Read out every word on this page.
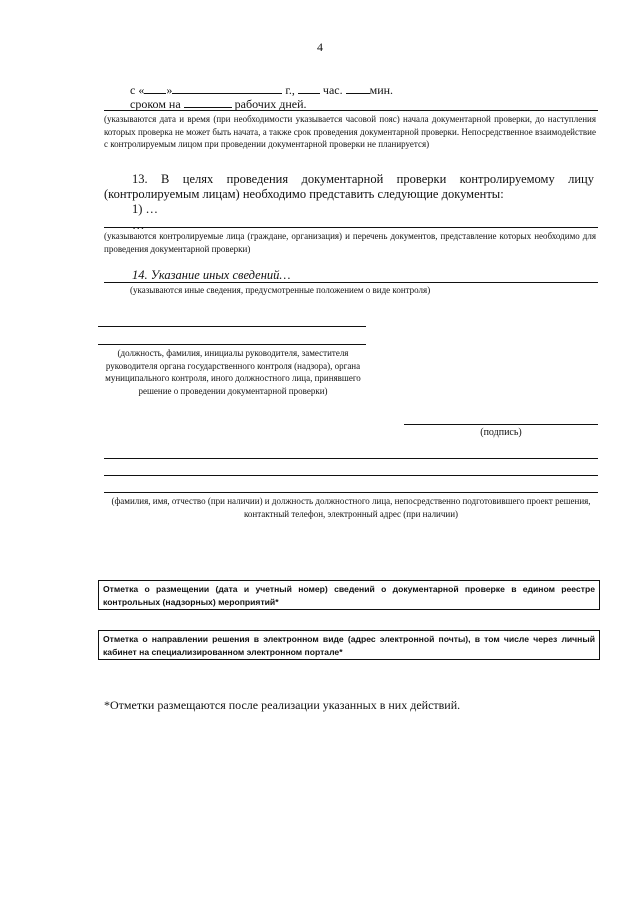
4
с « »	г., час. мин.
сроком на	рабочих дней.
(указываются дата и время (при необходимости указывается часовой пояс) начала документарной проверки, до наступления которых проверка не может быть начата, а также срок проведения документарной проверки. Непосредственное взаимодействие с контролируемым лицом при проведении документарной проверки не планируется)
13. В целях проведения документарной проверки контролируемому лицу
(контролируемым лицам) необходимо представить следующие документы:
1) …
…
(указываются контролируемые лица (граждане, организация) и перечень документов, представление которых необходимо для проведения документарной проверки)
14. Указание иных сведений…
(указываются иные сведения, предусмотренные положением о виде контроля)
(должность, фамилия, инициалы руководителя, заместителя руководителя органа государственного контроля (надзора), органа муниципального контроля, иного должностного лица, принявшего решение о проведении документарной проверки)
(подпись)
(фамилия, имя, отчество (при наличии) и должность должностного лица, непосредственно подготовившего проект решения, контактный телефон, электронный адрес (при наличии)
Отметка о размещении (дата и учетный номер) сведений о документарной проверке в едином реестре контрольных (надзорных) мероприятий*
Отметка о направлении решения в электронном виде (адрес электронной почты), в том числе через личный кабинет на специализированном электронном портале*
*Отметки размещаются после реализации указанных в них действий.
